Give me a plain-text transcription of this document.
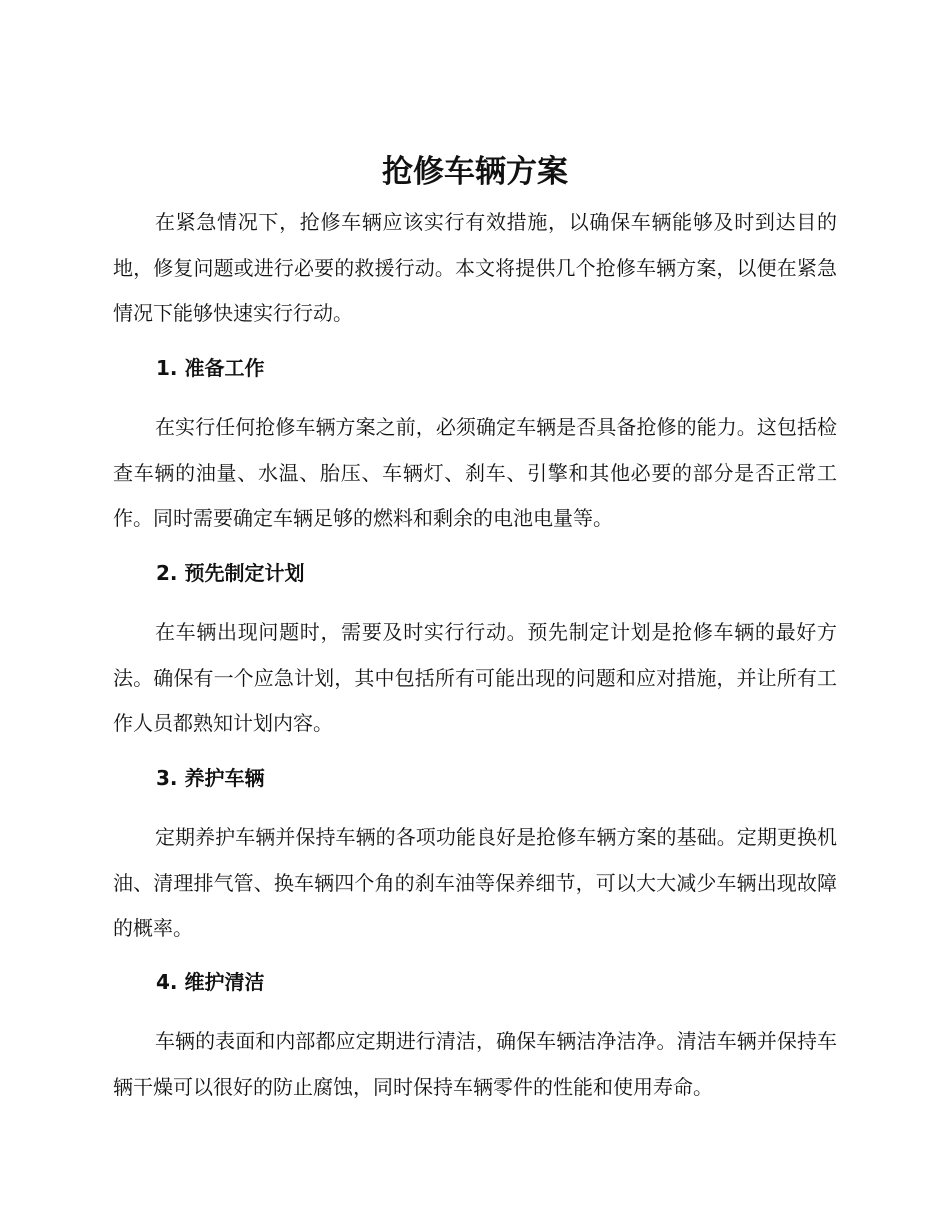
抢修车辆方案

在紧急情况下，抢修车辆应该实行有效措施，以确保车辆能够及时到达目的地，修复问题或进行必要的救援行动。本文将提供几个抢修车辆方案，以便在紧急情况下能够快速实行行动。

1. 准备工作

在实行任何抢修车辆方案之前，必须确定车辆是否具备抢修的能力。这包括检查车辆的油量、水温、胎压、车辆灯、刹车、引擎和其他必要的部分是否正常工作。同时需要确定车辆足够的燃料和剩余的电池电量等。

2. 预先制定计划

在车辆出现问题时，需要及时实行行动。预先制定计划是抢修车辆的最好方法。确保有一个应急计划，其中包括所有可能出现的问题和应对措施，并让所有工作人员都熟知计划内容。

3. 养护车辆

定期养护车辆并保持车辆的各项功能良好是抢修车辆方案的基础。定期更换机油、清理排气管、换车辆四个角的刹车油等保养细节，可以大大减少车辆出现故障的概率。

4. 维护清洁

车辆的表面和内部都应定期进行清洁，确保车辆洁净洁净。清洁车辆并保持车辆干燥可以很好的防止腐蚀，同时保持车辆零件的性能和使用寿命。
